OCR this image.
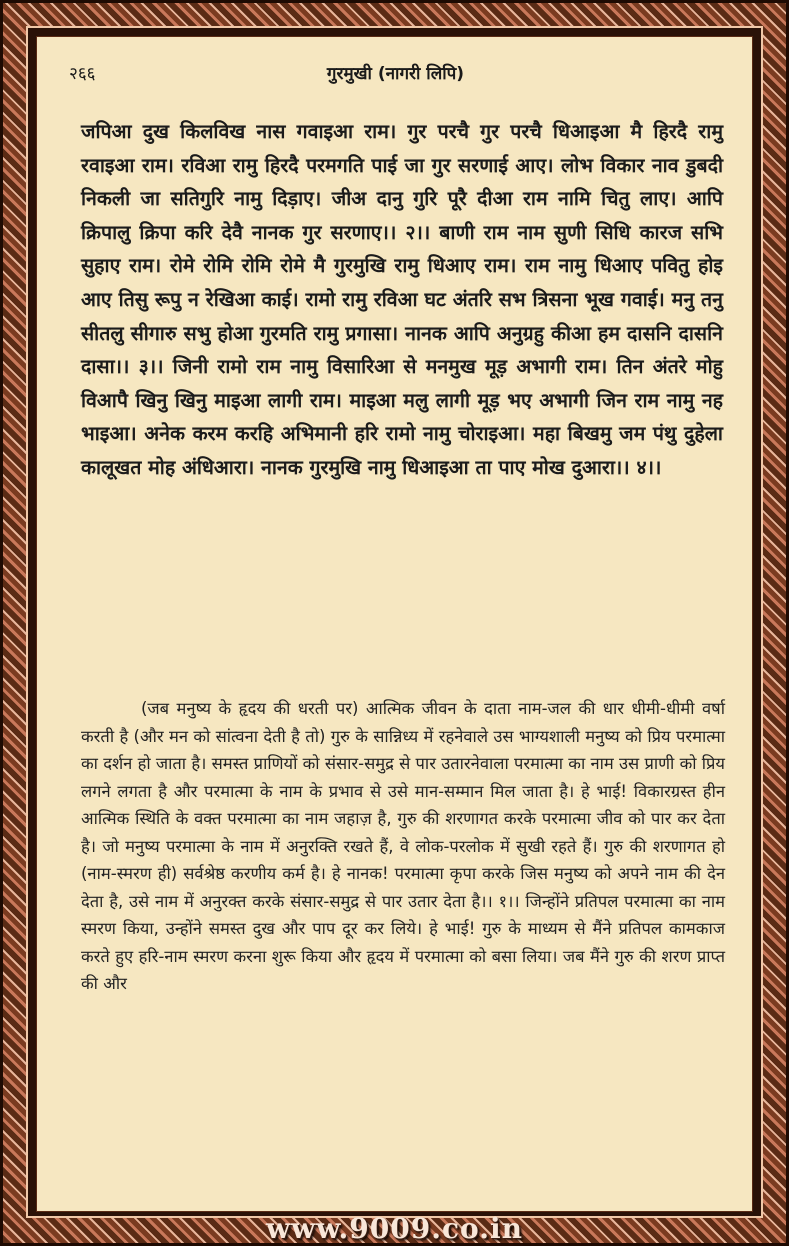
२६६	गुरमुखी (नागरी लिपि)

जपिआ दुख किलविख नास गवाइआ राम। गुर परचै गुर परचै धिआइआ मै हिरदै रामु रवाइआ राम। रविआ रामु हिरदै परमगति पाई जा गुर सरणाई आए। लोभ विकार नाव डुबदी निकली जा सतिगुरि नामु दिड़ाए। जीअ दानु गुरि पूरै दीआ राम नामि चितु लाए। आपि क्रिपालु क्रिपा करि देवै नानक गुर सरणाए।। २।। बाणी राम नाम सुणी सिधि कारज सभि सुहाए राम। रोमे रोमि रोमि रोमे मै गुरमुखि रामु धिआए राम। राम नामु धिआए पवितु होइ आए तिसु रूपु न रेखिआ काई। रामो रामु रविआ घट अंतरि सभ त्रिसना भूख गवाई। मनु तनु सीतलु सीगारु सभु होआ गुरमति रामु प्रगासा। नानक आपि अनुग्रहु कीआ हम दासनि दासनि दासा।। ३।। जिनी रामो राम नामु विसारिआ से मनमुख मूड़ अभागी राम। तिन अंतरे मोहु विआपै खिनु खिनु माइआ लागी राम। माइआ मलु लागी मूड़ भए अभागी जिन राम नामु नह भाइआ। अनेक करम करहि अभिमानी हरि रामो नामु चोराइआ। महा बिखमु जम पंथु दुहेला कालूखत मोह अंधिआरा। नानक गुरमुखि नामु धिआइआ ता पाए मोख दुआरा।। ४।।

(जब मनुष्य के हृदय की धरती पर) आत्मिक जीवन के दाता नाम-जल की धार धीमी-धीमी वर्षा करती है (और मन को सांत्वना देती है तो) गुरु के सान्निध्य में रहनेवाले उस भाग्यशाली मनुष्य को प्रिय परमात्मा का दर्शन हो जाता है। समस्त प्राणियों को संसार-समुद्र से पार उतारनेवाला परमात्मा का नाम उस प्राणी को प्रिय लगने लगता है और परमात्मा के नाम के प्रभाव से उसे मान-सम्मान मिल जाता है। हे भाई! विकारग्रस्त हीन आत्मिक स्थिति के वक्त परमात्मा का नाम जहाज़ है, गुरु की शरणागत करके परमात्मा जीव को पार कर देता है। जो मनुष्य परमात्मा के नाम में अनुरक्ति रखते हैं, वे लोक-परलोक में सुखी रहते हैं। गुरु की शरणागत हो (नाम-स्मरण ही) सर्वश्रेष्ठ करणीय कर्म है। हे नानक! परमात्मा कृपा करके जिस मनुष्य को अपने नाम की देन देता है, उसे नाम में अनुरक्त करके संसार-समुद्र से पार उतार देता है।। १।। जिन्होंने प्रतिपल परमात्मा का नाम स्मरण किया, उन्होंने समस्त दुख और पाप दूर कर लिये। हे भाई! गुरु के माध्यम से मैंने प्रतिपल कामकाज करते हुए हरि-नाम स्मरण करना शुरू किया और हृदय में परमात्मा को बसा लिया। जब मैंने गुरु की शरण प्राप्त की और

www.9009.co.in
